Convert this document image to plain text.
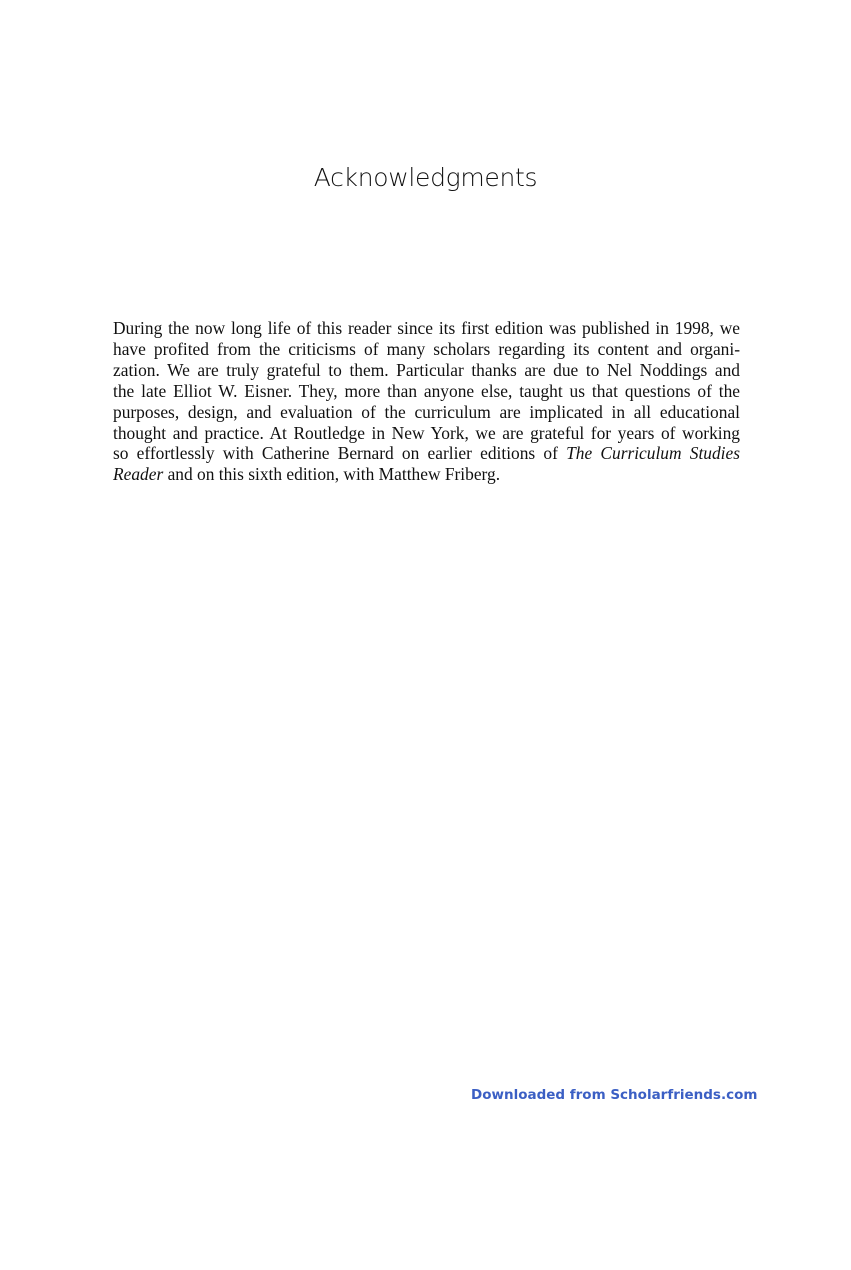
Acknowledgments

During the now long life of this reader since its first edition was published in 1998, we
have profited from the criticisms of many scholars regarding its content and organi-
zation. We are truly grateful to them. Particular thanks are due to Nel Noddings and
the late Elliot W. Eisner. They, more than anyone else, taught us that questions of the
purposes, design, and evaluation of the curriculum are implicated in all educational
thought and practice. At Routledge in New York, we are grateful for years of working
so effortlessly with Catherine Bernard on earlier editions of The Curriculum Studies
Reader and on this sixth edition, with Matthew Friberg.

Downloaded from Scholarfriends.com
